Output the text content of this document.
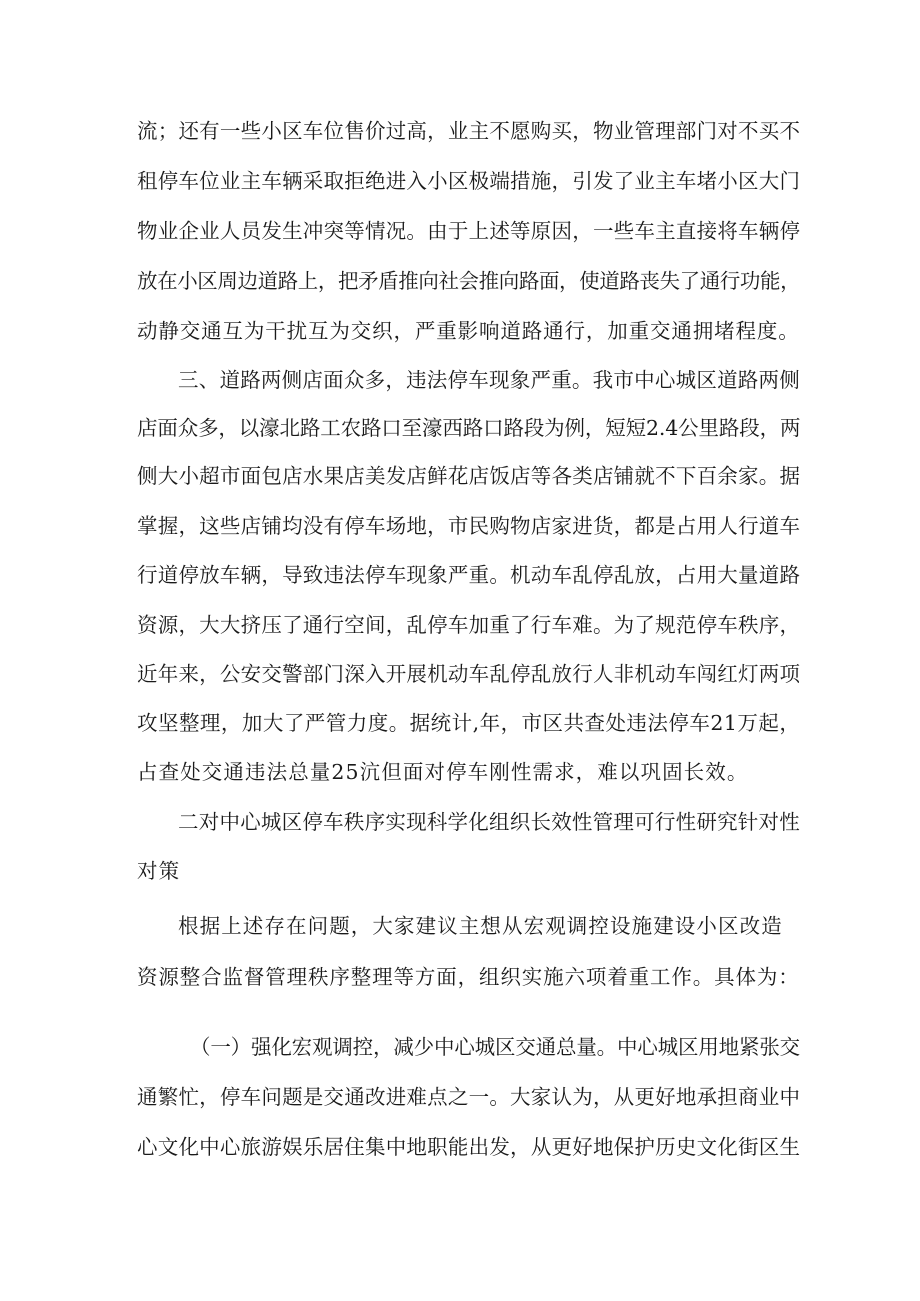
流；还有一些小区车位售价过高，业主不愿购买，物业管理部门对不买不
租停车位业主车辆采取拒绝进入小区极端措施，引发了业主车堵小区大门
物业企业人员发生冲突等情况。由于上述等原因，一些车主直接将车辆停
放在小区周边道路上，把矛盾推向社会推向路面，使道路丧失了通行功能，
动静交通互为干扰互为交织，严重影响道路通行，加重交通拥堵程度。
三、道路两侧店面众多，违法停车现象严重。我市中心城区道路两侧
店面众多，以濠北路工农路口至濠西路口路段为例，短短2.4公里路段，两
侧大小超市面包店水果店美发店鲜花店饭店等各类店铺就不下百余家。据
掌握，这些店铺均没有停车场地，市民购物店家进货，都是占用人行道车
行道停放车辆，导致违法停车现象严重。机动车乱停乱放，占用大量道路
资源，大大挤压了通行空间，乱停车加重了行车难。为了规范停车秩序，
近年来，公安交警部门深入开展机动车乱停乱放行人非机动车闯红灯两项
攻坚整理，加大了严管力度。据统计,年，市区共查处违法停车21万起，
占查处交通违法总量25沆但面对停车刚性需求，难以巩固长效。
二对中心城区停车秩序实现科学化组织长效性管理可行性研究针对性
对策
根据上述存在问题，大家建议主想从宏观调控设施建设小区改造
资源整合监督管理秩序整理等方面，组织实施六项着重工作。具体为：
（一）强化宏观调控，减少中心城区交通总量。中心城区用地紧张交
通繁忙，停车问题是交通改进难点之一。大家认为，从更好地承担商业中
心文化中心旅游娱乐居住集中地职能出发，从更好地保护历史文化街区生
